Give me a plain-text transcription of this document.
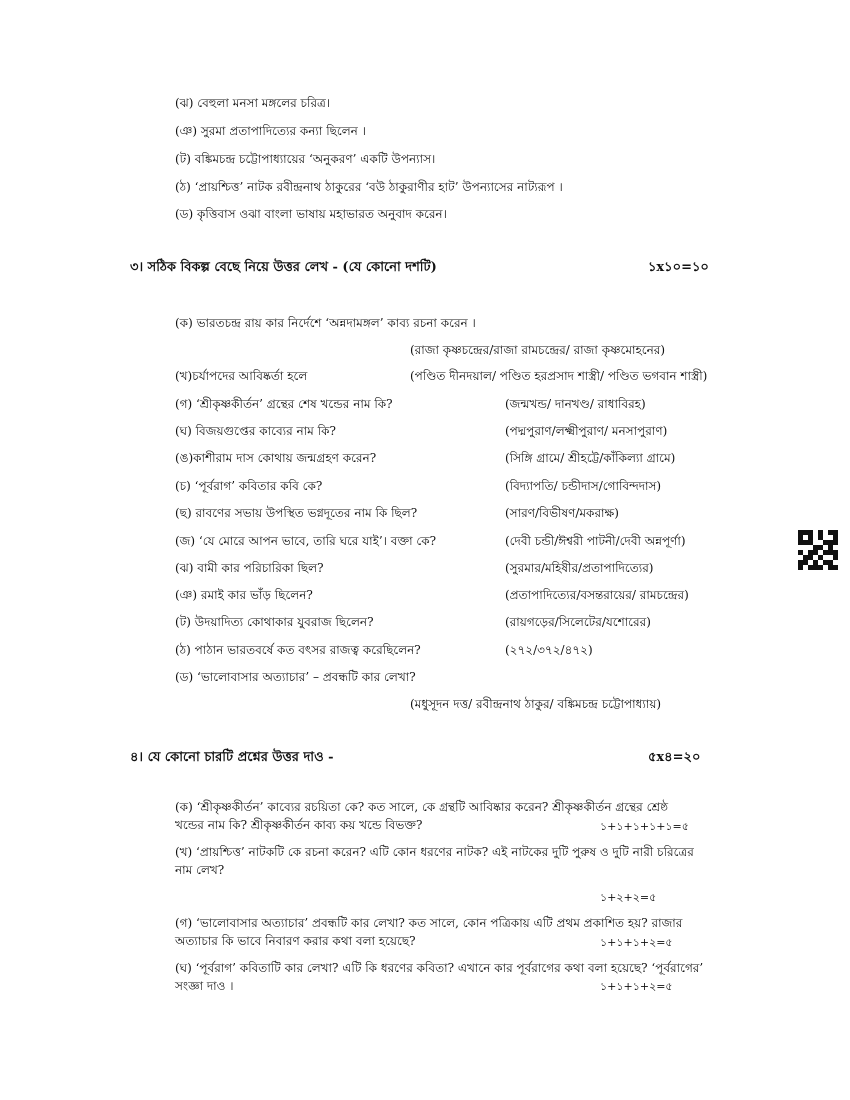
(ঝ) বেহুলা মনসা মঙ্গলের চরিত্র।
(ঞ) সুরমা প্রতাপাদিত্যের কন্যা ছিলেন ।
(ট) বঙ্কিমচন্দ্র চট্টোপাধ্যায়ের ‘অনুকরণ’ একটি উপন্যাস।
(ঠ) ‘প্রায়শ্চিত্ত’ নাটক রবীন্দ্রনাথ ঠাকুরের ‘বউ ঠাকুরাণীর হাট’ উপন্যাসের নাট্যরূপ ।
(ড) কৃত্তিবাস ওঝা বাংলা ভাষায় মহাভারত অনুবাদ করেন।
৩। সঠিক বিকল্প বেছে নিয়ে উত্তর লেখ - (যে কোনো দশটি)	১x১০=১০
(ক) ভারতচন্দ্র রায় কার নির্দেশে ‘অন্নদামঙ্গল’ কাব্য রচনা করেন ।
(রাজা কৃষ্ণচন্দ্রের/রাজা রামচন্দ্রের/ রাজা কৃষ্ণমোহনের)
(খ)চর্যাপদের আবিষ্কর্তা হলে	(পণ্ডিত দীনদয়াল/ পণ্ডিত হরপ্রসাদ শাস্ত্রী/ পণ্ডিত ভগবান শাস্ত্রী)
(গ) ‘শ্রীকৃষ্ণকীর্তন’ গ্রন্থের শেষ খন্ডের নাম কি?	(জন্মখন্ড/ দানখণ্ড/ রাধাবিরহ)
(ঘ) বিজয়গুপ্তের কাব্যের নাম কি?	(পদ্মপুরাণ/লক্ষ্মীপুরাণ/ মনসাপুরাণ)
(ঙ)কাশীরাম দাস কোথায় জন্মগ্রহণ করেন?	(সিঙ্গি গ্রামে/ শ্রীহট্টে/কাঁকিল্যা গ্রামে)
(চ) ‘পূর্বরাগ’ কবিতার কবি কে?	(বিদ্যাপতি/ চন্ডীদাস/গোবিন্দদাস)
(ছ) রাবণের সভায় উপস্থিত ভগ্নদূতের নাম কি ছিল?	(সারণ/বিভীষণ/মকরাক্ষ)
(জ) ‘যে মোরে আপন ভাবে, তারি ঘরে যাই’। বক্তা কে?	(দেবী চন্ডী/ঈশ্বরী পাটনী/দেবী অন্নপূর্ণা)
(ঝ) বামী কার পরিচারিকা ছিল?	(সুরমার/মহিষীর/প্রতাপাদিত্যের)
(ঞ) রমাই কার ভাঁড় ছিলেন?	(প্রতাপাদিত্যের/বসন্তরায়ের/ রামচন্দ্রের)
(ট) উদয়াদিত্য কোথাকার যুবরাজ ছিলেন?	(রায়গড়ের/সিলেটের/যশোরের)
(ঠ) পাঠান ভারতবর্ষে কত বৎসর রাজত্ব করেছিলেন?	(২৭২/৩৭২/৪৭২)
(ড) ‘ভালোবাসার অত্যাচার’ – প্রবন্ধটি কার লেখা?
(মধুসূদন দত্ত/ রবীন্দ্রনাথ ঠাকুর/ বঙ্কিমচন্দ্র চট্টোপাধ্যায়)
৪। যে কোনো চারটি প্রশ্নের উত্তর দাও -	৫x৪=২০
(ক) ‘শ্রীকৃষ্ণকীর্তন’ কাব্যের রচয়িতা কে? কত সালে, কে গ্রন্থটি আবিষ্কার করেন? শ্রীকৃষ্ণকীর্তন গ্রন্থের শ্রেষ্ঠ
খন্ডের নাম কি? শ্রীকৃষ্ণকীর্তন কাব্য কয় খন্ডে বিভক্ত?	১+১+১+১+১=৫
(খ) ‘প্রায়শ্চিত্ত’ নাটকটি কে রচনা করেন? এটি কোন ধরণের নাটক? এই নাটকের দুটি পুরুষ ও দুটি নারী চরিত্রের
নাম লেখ?
১+২+২=৫
(গ) ‘ভালোবাসার অত্যাচার’ প্রবন্ধটি কার লেখা? কত সালে, কোন পত্রিকায় এটি প্রথম প্রকাশিত হয়? রাজার
অত্যাচার কি ভাবে নিবারণ করার কথা বলা হয়েছে?	১+১+১+২=৫
(ঘ) ‘পূর্বরাগ’ কবিতাটি কার লেখা? এটি কি ধরণের কবিতা? এখানে কার পূর্বরাগের কথা বলা হয়েছে? ‘পূর্বরাগের’
সংজ্ঞা দাও ।	১+১+১+২=৫
